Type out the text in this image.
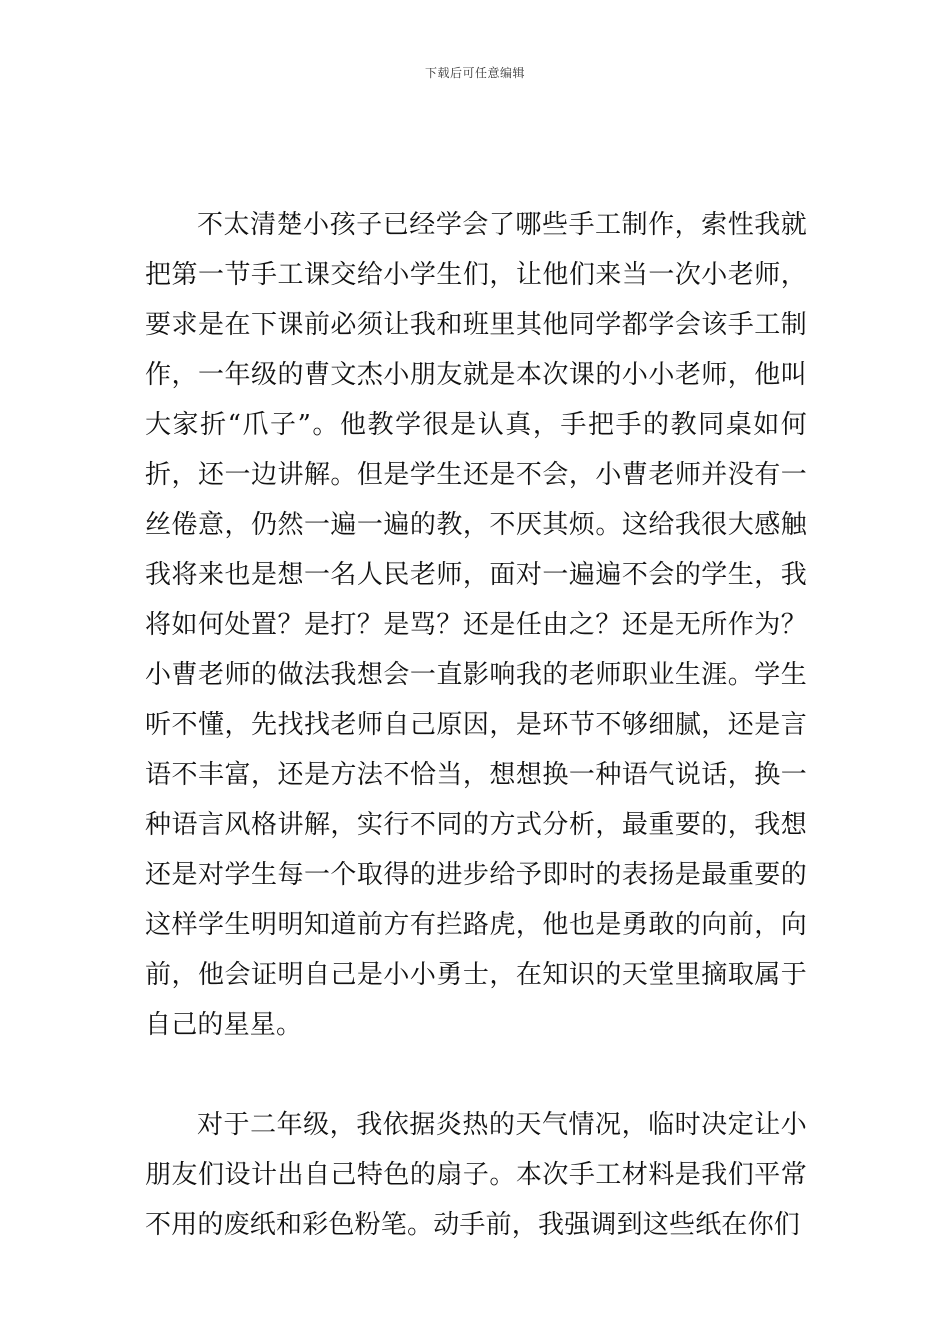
下载后可任意编辑

不太清楚小孩子已经学会了哪些手工制作，索性我就把第一节手工课交给小学生们，让他们来当一次小老师，要求是在下课前必须让我和班里其他同学都学会该手工制作，一年级的曹文杰小朋友就是本次课的小小老师，他叫大家折“爪子”。他教学很是认真，手把手的教同桌如何折，还一边讲解。但是学生还是不会，小曹老师并没有一丝倦意，仍然一遍一遍的教，不厌其烦。这给我很大感触我将来也是想一名人民老师，面对一遍遍不会的学生，我将如何处置？是打？是骂？还是任由之？还是无所作为？小曹老师的做法我想会一直影响我的老师职业生涯。学生听不懂，先找找老师自己原因，是环节不够细腻，还是言语不丰富，还是方法不恰当，想想换一种语气说话，换一种语言风格讲解，实行不同的方式分析，最重要的，我想还是对学生每一个取得的进步给予即时的表扬是最重要的这样学生明明知道前方有拦路虎，他也是勇敢的向前，向前，他会证明自己是小小勇士，在知识的天堂里摘取属于自己的星星。

对于二年级，我依据炎热的天气情况，临时决定让小朋友们设计出自己特色的扇子。本次手工材料是我们平常不用的废纸和彩色粉笔。动手前，我强调到这些纸在你们
